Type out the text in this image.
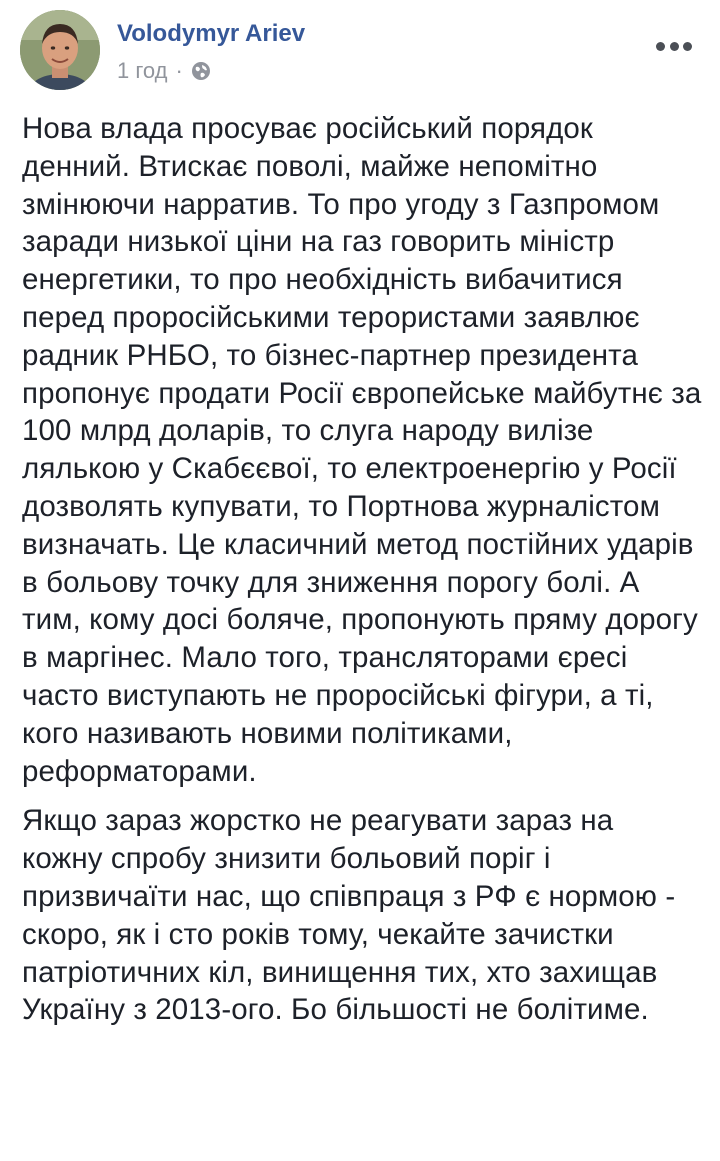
Volodymyr Ariev
1 год ·

Нова влада просуває російський порядок денний. Втискає поволі, майже непомітно змінюючи нарратив. То про угоду з Газпромом заради низької ціни на газ говорить міністр енергетики, то про необхідність вибачитися перед проросійськими терористами заявлює радник РНБО, то бізнес-партнер президента пропонує продати Росії європейське майбутнє за 100 млрд доларів, то слуга народу вилізе лялькою у Скабєєвої, то електроенергію у Росії дозволять купувати, то Портнова журналістом визначать. Це класичний метод постійних ударів в больову точку для зниження порогу болі. А тим, кому досі боляче, пропонують пряму дорогу в маргінес. Мало того, трансляторами єресі часто виступають не проросійські фігури, а ті, кого називають новими політиками, реформаторами.

Якщо зараз жорстко не реагувати зараз на кожну спробу знизити больовий поріг і призвичаїти нас, що співпраця з РФ є нормою - скоро, як і сто років тому, чекайте зачистки патріотичних кіл, винищення тих, хто захищав Україну з 2013-ого. Бо більшості не болітиме.
